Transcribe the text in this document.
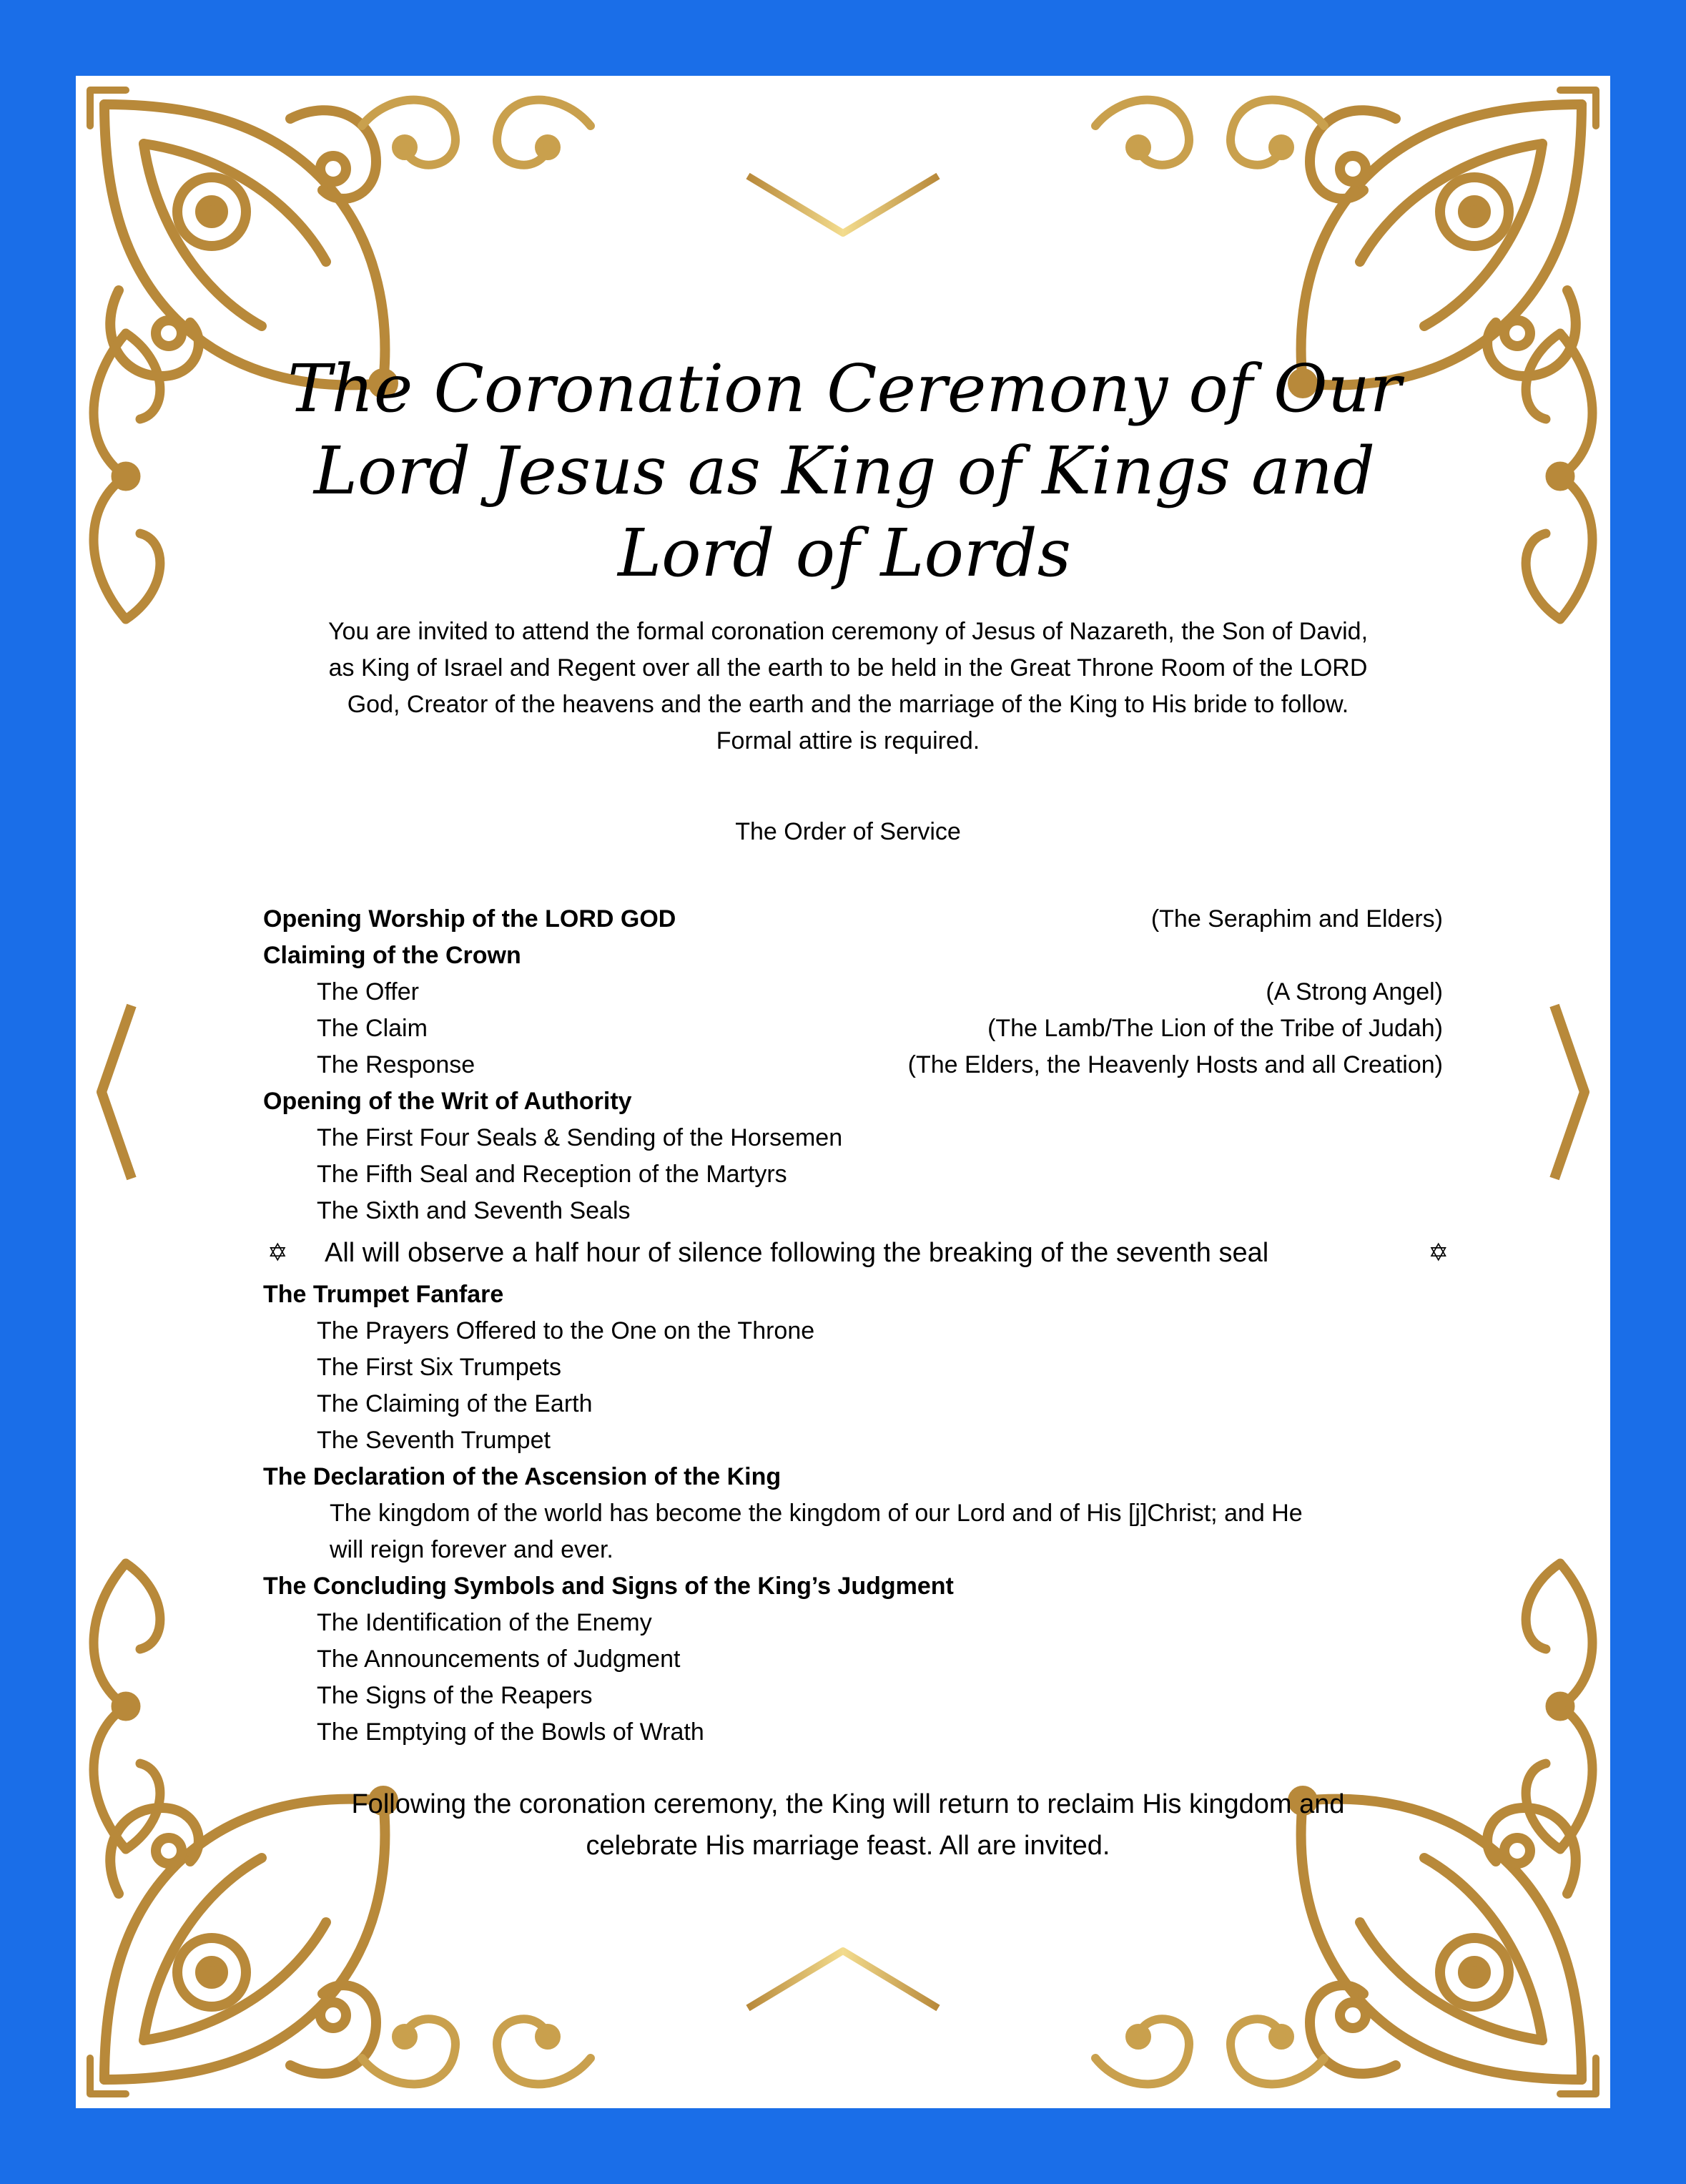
The Coronation Ceremony of Our
Lord Jesus as King of Kings and
Lord of Lords

You are invited to attend the formal coronation ceremony of Jesus of Nazareth, the Son of David,
as King of Israel and Regent over all the earth to be held in the Great Throne Room of the LORD
God, Creator of the heavens and the earth and the marriage of the King to His bride to follow.
Formal attire is required.

The Order of Service

Opening Worship of the LORD GOD	(The Seraphim and Elders)
Claiming of the Crown
The Offer	(A Strong Angel)
The Claim	(The Lamb/The Lion of the Tribe of Judah)
The Response	(The Elders, the Heavenly Hosts and all Creation)
Opening of the Writ of Authority
The First Four Seals & Sending of the Horsemen
The Fifth Seal and Reception of the Martyrs
The Sixth and Seventh Seals
✡ All will observe a half hour of silence following the breaking of the seventh seal	✡
The Trumpet Fanfare
The Prayers Offered to the One on the Throne
The First Six Trumpets
The Claiming of the Earth
The Seventh Trumpet
The Declaration of the Ascension of the King
The kingdom of the world has become the kingdom of our Lord and of His [j]Christ; and He
will reign forever and ever.
The Concluding Symbols and Signs of the King’s Judgment
The Identification of the Enemy
The Announcements of Judgment
The Signs of the Reapers
The Emptying of the Bowls of Wrath

Following the coronation ceremony, the King will return to reclaim His kingdom and
celebrate His marriage feast. All are invited.
